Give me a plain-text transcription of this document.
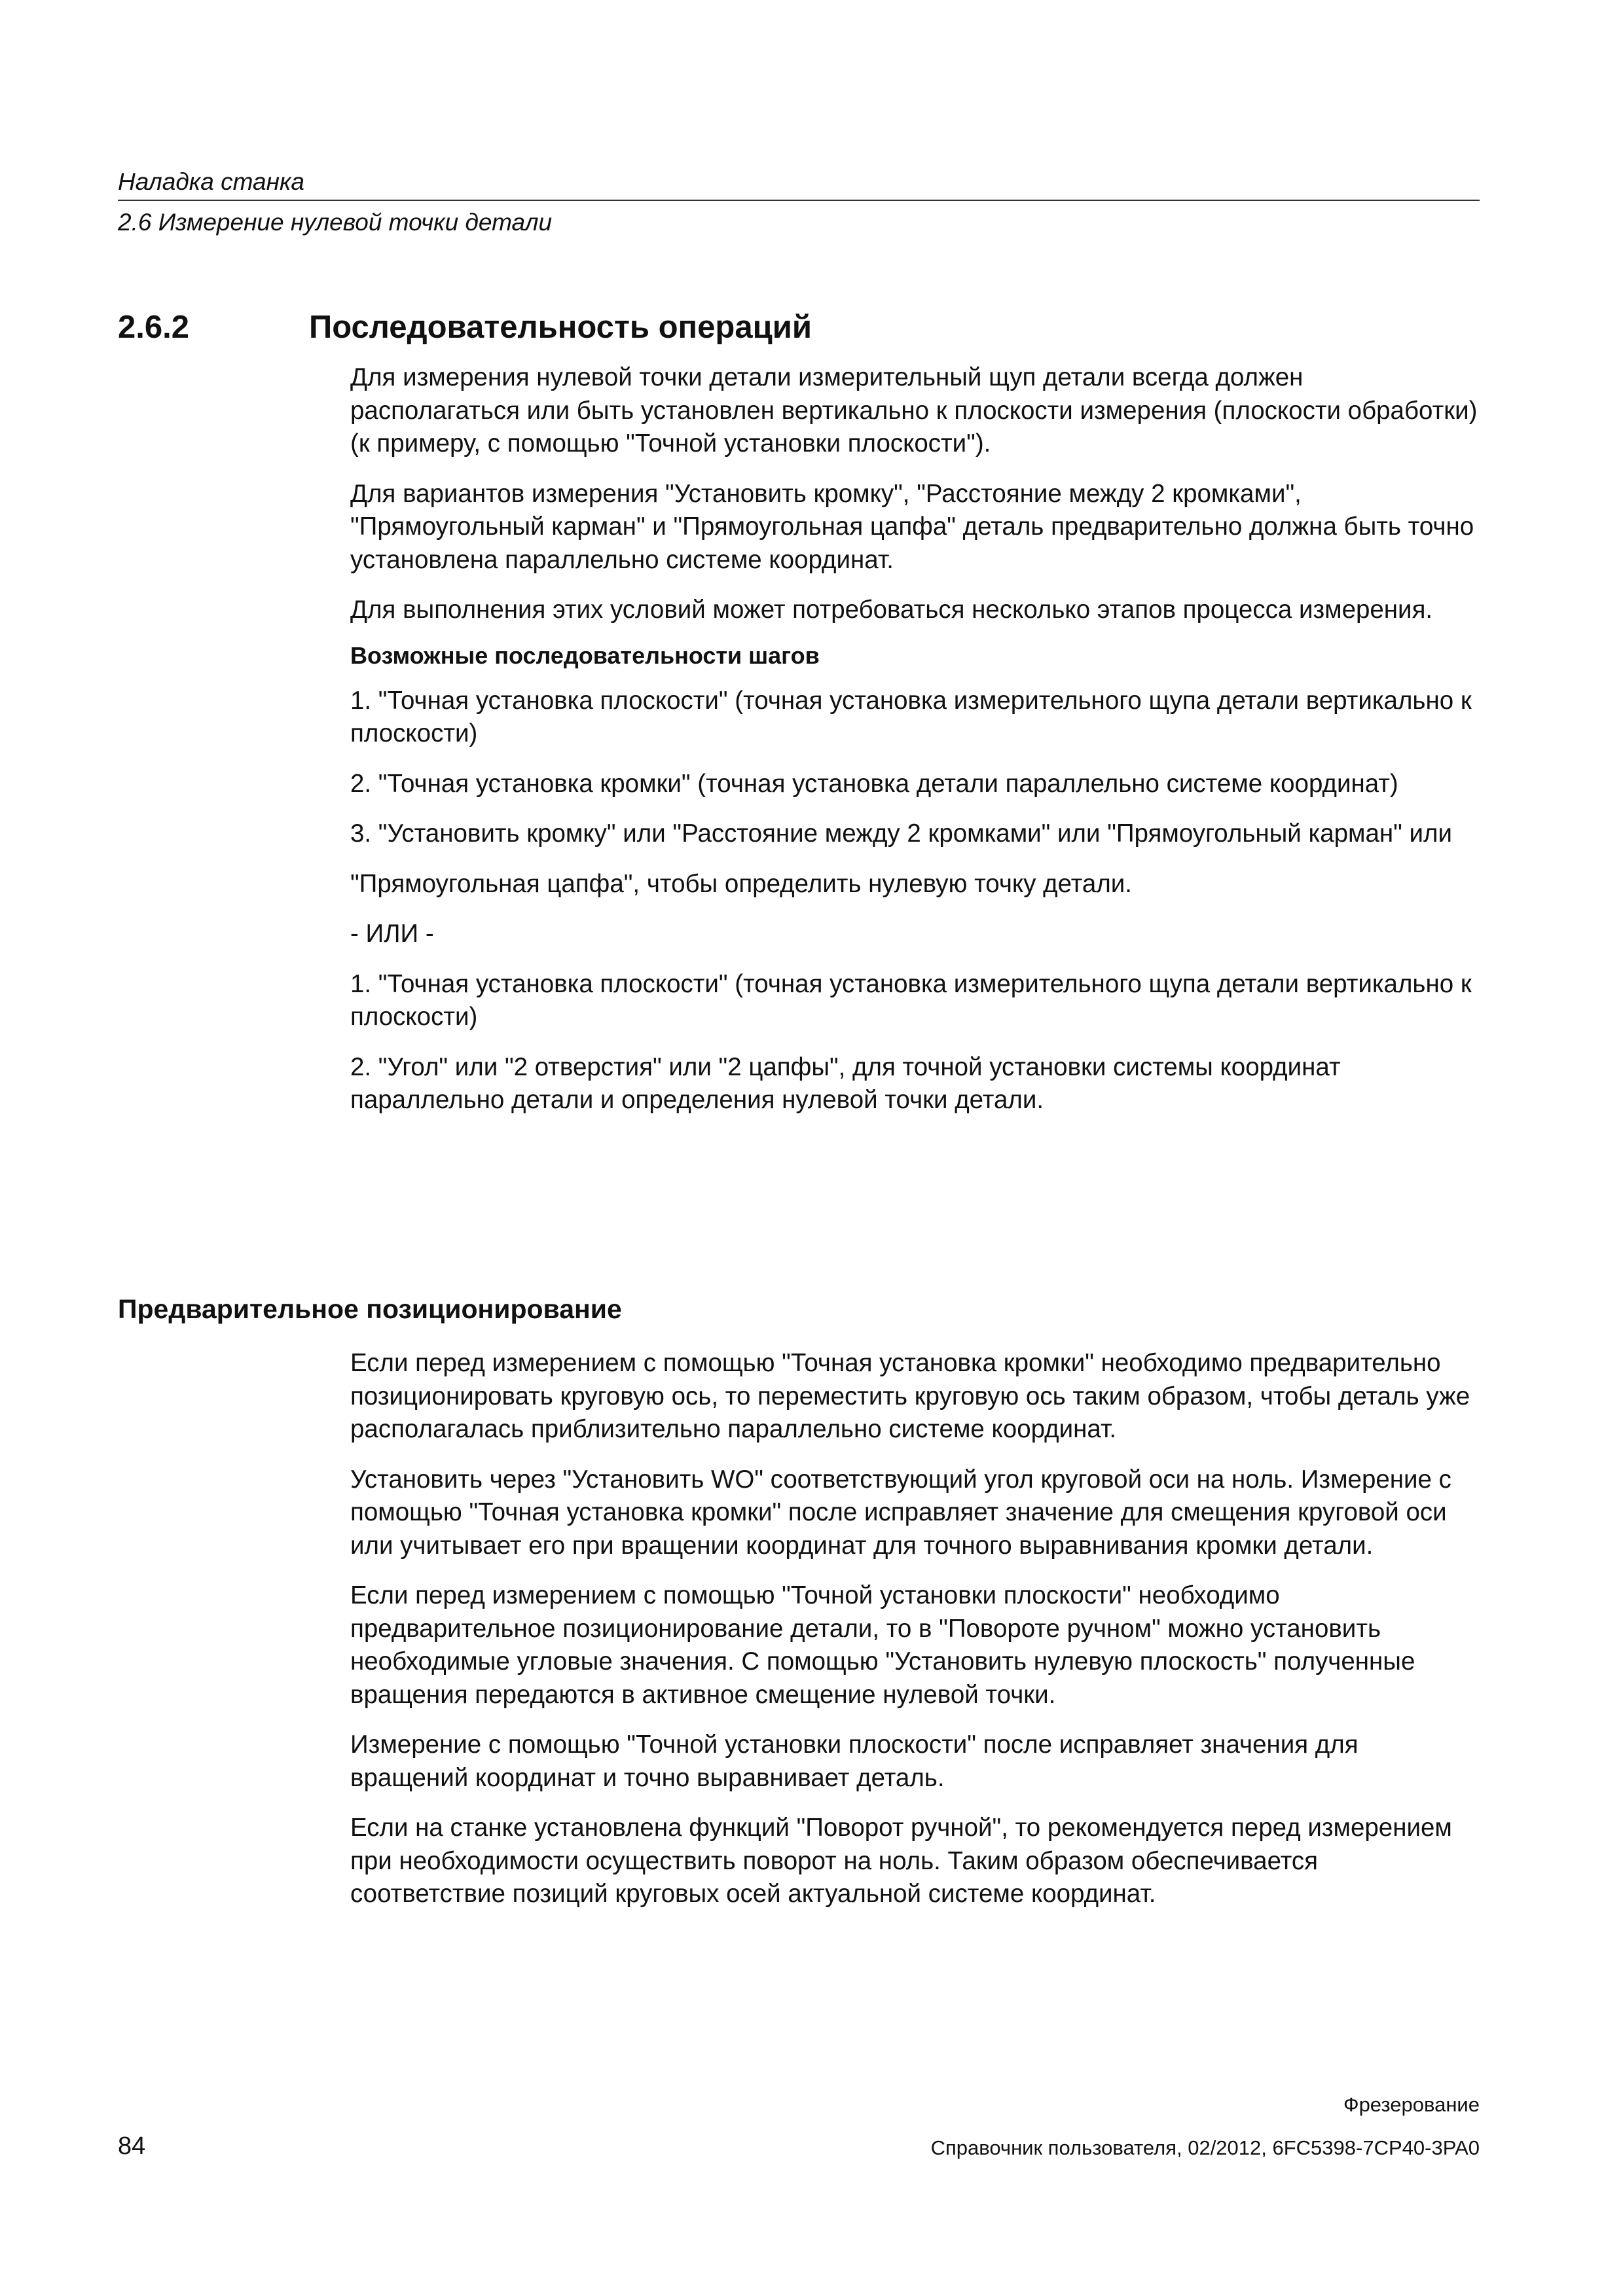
Наладка станка
2.6 Измерение нулевой точки детали
2.6.2	Последовательность операций

Для измерения нулевой точки детали измерительный щуп детали всегда должен располагаться или быть установлен вертикально к плоскости измерения (плоскости обработки) (к примеру, с помощью "Точной установки плоскости").

Для вариантов измерения "Установить кромку", "Расстояние между 2 кромками", "Прямоугольный карман" и "Прямоугольная цапфа" деталь предварительно должна быть точно установлена параллельно системе координат.

Для выполнения этих условий может потребоваться несколько этапов процесса измерения.

Возможные последовательности шагов

1. "Точная установка плоскости" (точная установка измерительного щупа детали вертикально к плоскости)

2. "Точная установка кромки" (точная установка детали параллельно системе координат)

3. "Установить кромку" или "Расстояние между 2 кромками" или "Прямоугольный карман" или

"Прямоугольная цапфа", чтобы определить нулевую точку детали.

- ИЛИ -

1. "Точная установка плоскости" (точная установка измерительного щупа детали вертикально к плоскости)

2. "Угол" или "2 отверстия" или "2 цапфы", для точной установки системы координат параллельно детали и определения нулевой точки детали.

Предварительное позиционирование

Если перед измерением с помощью "Точная установка кромки" необходимо предварительно позиционировать круговую ось, то переместить круговую ось таким образом, чтобы деталь уже располагалась приблизительно параллельно системе координат.

Установить через "Установить WO" соответствующий угол круговой оси на ноль. Измерение с помощью "Точная установка кромки" после исправляет значение для смещения круговой оси или учитывает его при вращении координат для точного выравнивания кромки детали.

Если перед измерением с помощью "Точной установки плоскости" необходимо предварительное позиционирование детали, то в "Повороте ручном" можно установить необходимые угловые значения. С помощью "Установить нулевую плоскость" полученные вращения передаются в активное смещение нулевой точки.

Измерение с помощью "Точной установки плоскости" после исправляет значения для вращений координат и точно выравнивает деталь.

Если на станке установлена функций "Поворот ручной", то рекомендуется перед измерением при необходимости осуществить поворот на ноль. Таким образом обеспечивается соответствие позиций круговых осей актуальной системе координат.

Фрезерование
84	Справочник пользователя, 02/2012, 6FC5398-7CP40-3PA0
